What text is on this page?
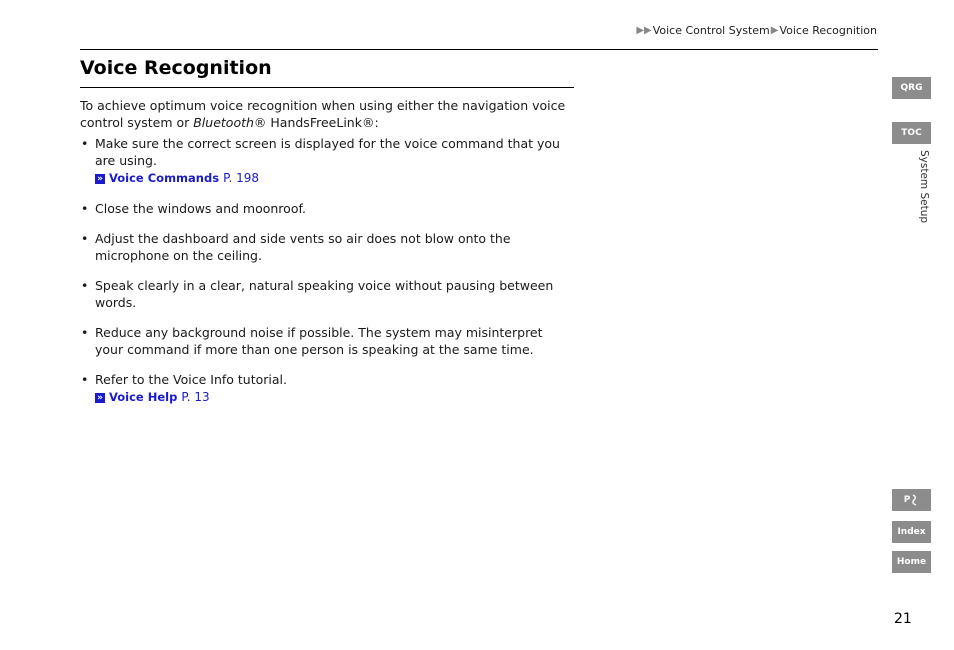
▶▶ Voice Control System ▶ Voice Recognition
Voice Recognition

To achieve optimum voice recognition when using either the navigation voice control system or Bluetooth® HandsFreeLink®:

• Make sure the correct screen is displayed for the voice command that you are using.
» Voice Commands P. 198
• Close the windows and moonroof.
• Adjust the dashboard and side vents so air does not blow onto the microphone on the ceiling.
• Speak clearly in a clear, natural speaking voice without pausing between words.
• Reduce any background noise if possible. The system may misinterpret your command if more than one person is speaking at the same time.
• Refer to the Voice Info tutorial.
» Voice Help P. 13
QRG
TOC
System Setup
P
Index
Home
21
